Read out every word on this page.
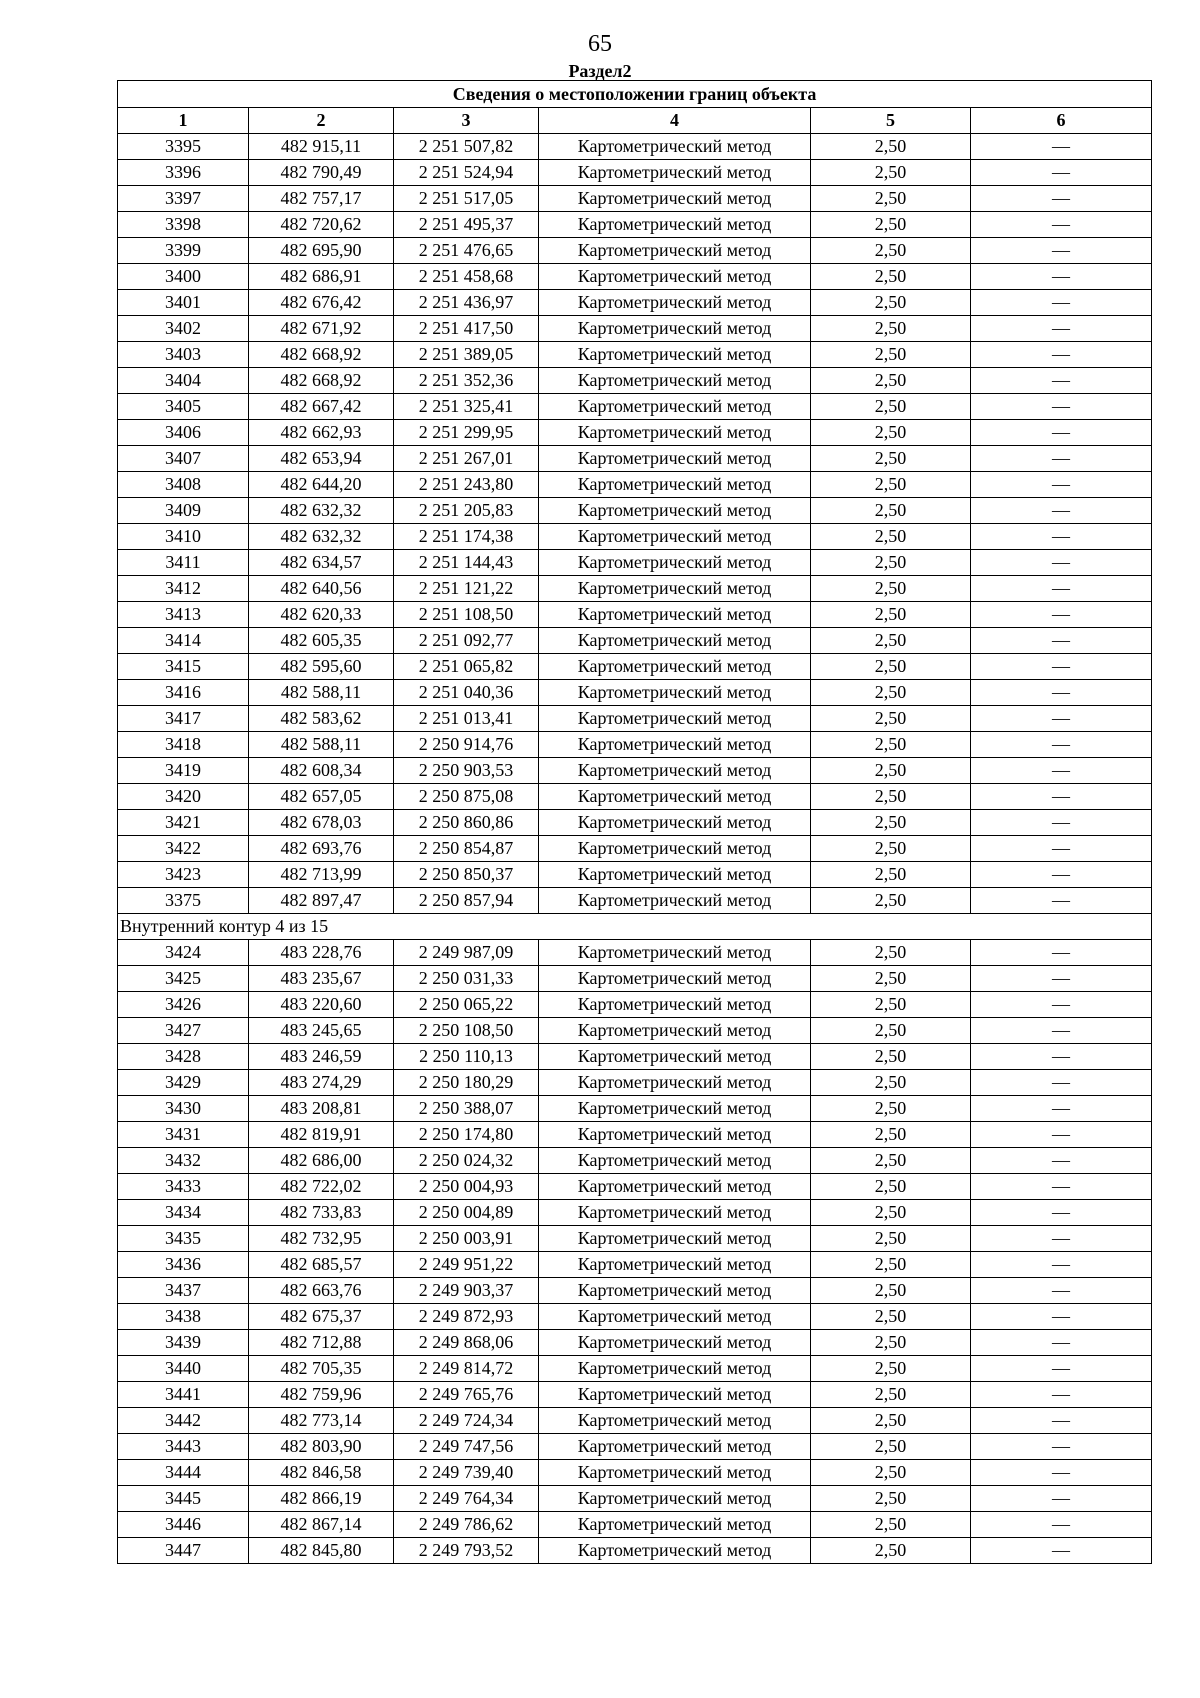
65
Раздел2
Сведения о местоположении границ объекта					
1	2	3	4	5	6
3395	482 915,11	2 251 507,82	Картометрический метод	2,50	—
3396	482 790,49	2 251 524,94	Картометрический метод	2,50	—
3397	482 757,17	2 251 517,05	Картометрический метод	2,50	—
3398	482 720,62	2 251 495,37	Картометрический метод	2,50	—
3399	482 695,90	2 251 476,65	Картометрический метод	2,50	—
3400	482 686,91	2 251 458,68	Картометрический метод	2,50	—
3401	482 676,42	2 251 436,97	Картометрический метод	2,50	—
3402	482 671,92	2 251 417,50	Картометрический метод	2,50	—
3403	482 668,92	2 251 389,05	Картометрический метод	2,50	—
3404	482 668,92	2 251 352,36	Картометрический метод	2,50	—
3405	482 667,42	2 251 325,41	Картометрический метод	2,50	—
3406	482 662,93	2 251 299,95	Картометрический метод	2,50	—
3407	482 653,94	2 251 267,01	Картометрический метод	2,50	—
3408	482 644,20	2 251 243,80	Картометрический метод	2,50	—
3409	482 632,32	2 251 205,83	Картометрический метод	2,50	—
3410	482 632,32	2 251 174,38	Картометрический метод	2,50	—
3411	482 634,57	2 251 144,43	Картометрический метод	2,50	—
3412	482 640,56	2 251 121,22	Картометрический метод	2,50	—
3413	482 620,33	2 251 108,50	Картометрический метод	2,50	—
3414	482 605,35	2 251 092,77	Картометрический метод	2,50	—
3415	482 595,60	2 251 065,82	Картометрический метод	2,50	—
3416	482 588,11	2 251 040,36	Картометрический метод	2,50	—
3417	482 583,62	2 251 013,41	Картометрический метод	2,50	—
3418	482 588,11	2 250 914,76	Картометрический метод	2,50	—
3419	482 608,34	2 250 903,53	Картометрический метод	2,50	—
3420	482 657,05	2 250 875,08	Картометрический метод	2,50	—
3421	482 678,03	2 250 860,86	Картометрический метод	2,50	—
3422	482 693,76	2 250 854,87	Картометрический метод	2,50	—
3423	482 713,99	2 250 850,37	Картометрический метод	2,50	—
3375	482 897,47	2 250 857,94	Картометрический метод	2,50	—
Внутренний контур 4 из 15					
3424	483 228,76	2 249 987,09	Картометрический метод	2,50	—
3425	483 235,67	2 250 031,33	Картометрический метод	2,50	—
3426	483 220,60	2 250 065,22	Картометрический метод	2,50	—
3427	483 245,65	2 250 108,50	Картометрический метод	2,50	—
3428	483 246,59	2 250 110,13	Картометрический метод	2,50	—
3429	483 274,29	2 250 180,29	Картометрический метод	2,50	—
3430	483 208,81	2 250 388,07	Картометрический метод	2,50	—
3431	482 819,91	2 250 174,80	Картометрический метод	2,50	—
3432	482 686,00	2 250 024,32	Картометрический метод	2,50	—
3433	482 722,02	2 250 004,93	Картометрический метод	2,50	—
3434	482 733,83	2 250 004,89	Картометрический метод	2,50	—
3435	482 732,95	2 250 003,91	Картометрический метод	2,50	—
3436	482 685,57	2 249 951,22	Картометрический метод	2,50	—
3437	482 663,76	2 249 903,37	Картометрический метод	2,50	—
3438	482 675,37	2 249 872,93	Картометрический метод	2,50	—
3439	482 712,88	2 249 868,06	Картометрический метод	2,50	—
3440	482 705,35	2 249 814,72	Картометрический метод	2,50	—
3441	482 759,96	2 249 765,76	Картометрический метод	2,50	—
3442	482 773,14	2 249 724,34	Картометрический метод	2,50	—
3443	482 803,90	2 249 747,56	Картометрический метод	2,50	—
3444	482 846,58	2 249 739,40	Картометрический метод	2,50	—
3445	482 866,19	2 249 764,34	Картометрический метод	2,50	—
3446	482 867,14	2 249 786,62	Картометрический метод	2,50	—
3447	482 845,80	2 249 793,52	Картометрический метод	2,50	—
